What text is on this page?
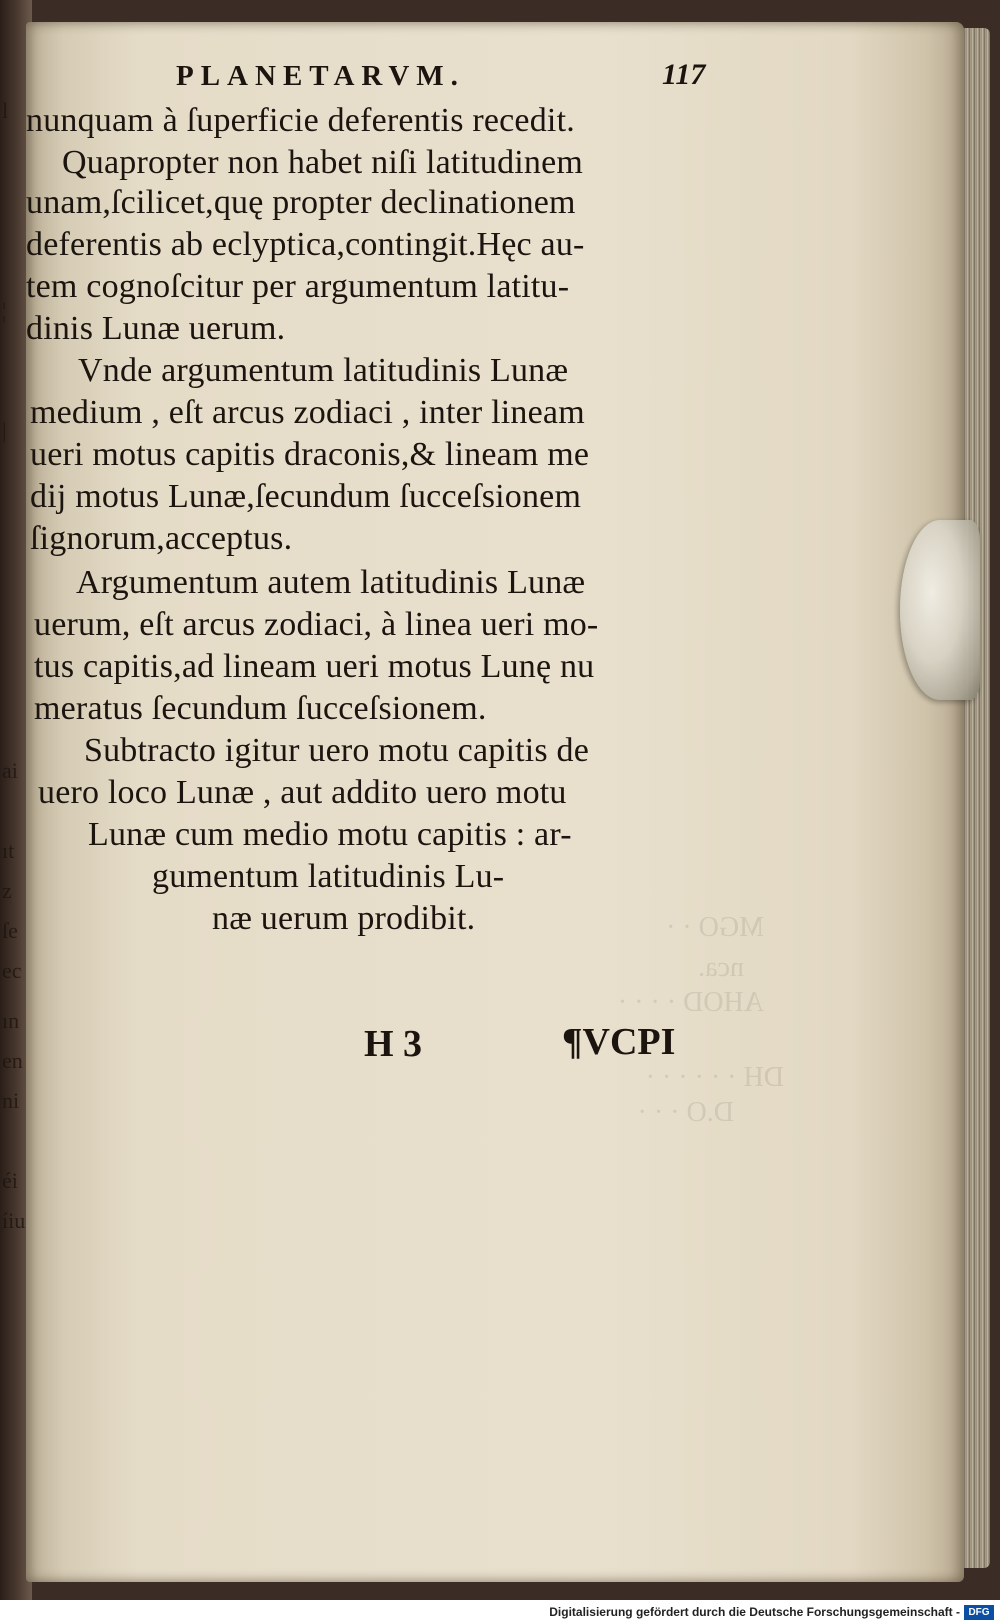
l
¦
|
ai
ıt
z
ſe
ec
ın
en
ni
éi
íiu
MGO · ·
nca.
AHOD · · · ·
DH · · · · · ·
D.O · · ·
PLANETARVM.	117
nunquam à ſuperficie deferentis recedit.
Quapropter non habet niſi latitudinem
unam,ſcilicet,quę propter declinationem
deferentis ab eclyptica,contingit.Hęc au-
tem cognoſcitur per argumentum latitu-
dinis Lunæ uerum.
Vnde argumentum latitudinis Lunæ
medium , eſt arcus zodiaci , inter lineam
ueri motus capitis draconis,& lineam me
dij motus Lunæ,ſecundum ſucceſsionem
ſignorum,acceptus.
Argumentum autem latitudinis Lunæ
uerum, eſt arcus zodiaci, à linea ueri mo-
tus capitis,ad lineam ueri motus Lunę nu
meratus ſecundum ſucceſsionem.
Subtracto igitur uero motu capitis de
uero loco Lunæ , aut addito uero motu
Lunæ cum medio motu capitis : ar-
gumentum latitudinis Lu-
næ uerum prodibit.
H 3	¶VCPI
Digitalisierung gefördert durch die Deutsche Forschungsgemeinschaft - DFG
